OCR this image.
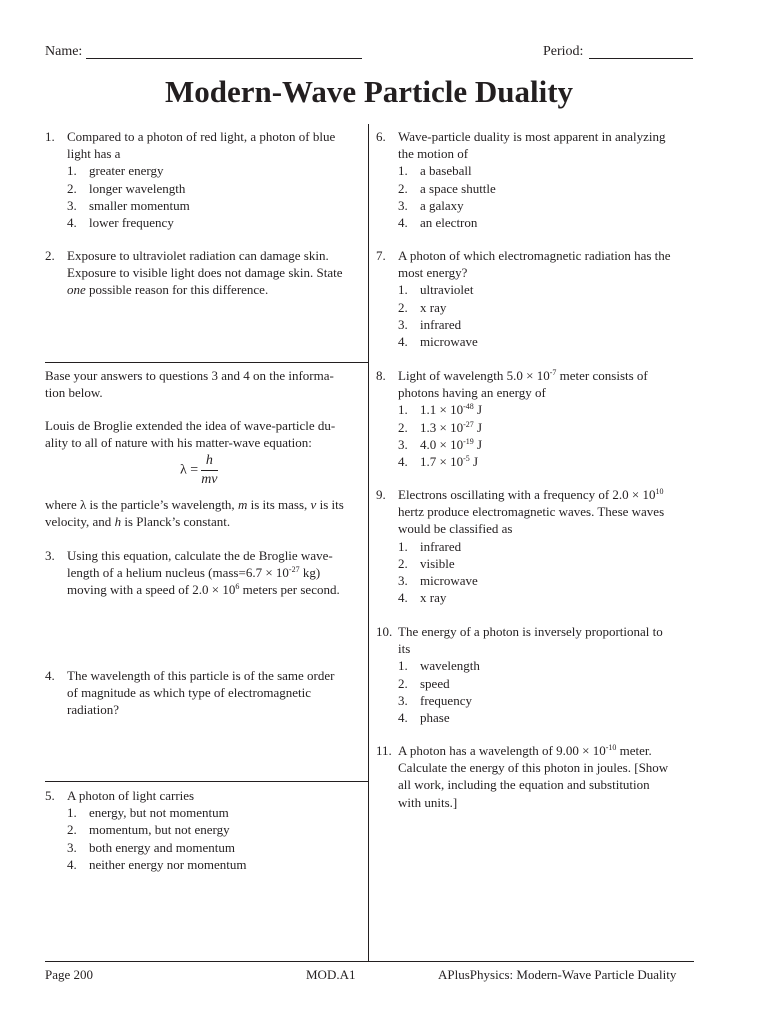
Name:	Period:
Modern-Wave Particle Duality
1. Compared to a photon of red light, a photon of blue
light has a
1. greater energy
2. longer wavelength
3. smaller momentum
4. lower frequency
2. Exposure to ultraviolet radiation can damage skin.
Exposure to visible light does not damage skin. State
one possible reason for this difference.
Base your answers to questions 3 and 4 on the informa-
tion below.
Louis de Broglie extended the idea of wave-particle du-
ality to all of nature with his matter-wave equation:
where λ is the particle’s wavelength, m is its mass, v is its
velocity, and h is Planck’s constant.
3. Using this equation, calculate the de Broglie wave-
length of a helium nucleus (mass=6.7 × $10^{-27}$ kg)
moving with a speed of $2.0 \times 10^6$ meters per second.
4. The wavelength of this particle is of the same order
of magnitude as which type of electromagnetic
radiation?
5. A photon of light carries
1. energy, but not momentum
2. momentum, but not energy
3. both energy and momentum
4. neither energy nor momentum
$\lambda = \frac{h}{mv}$
6. Wave-particle duality is most apparent in analyzing
the motion of
1. a baseball
2. a space shuttle
3. a galaxy
4. an electron
7. A photon of which electromagnetic radiation has the
most energy?
1. ultraviolet
2. x ray
3. infrared
4. microwave
8. Light of wavelength $5.0 \times 10^{-7}$ meter consists of
photons having an energy of
1. $1.1 \times 10^{-48}$ J
2. $1.3 \times 10^{-27}$ J
3. $4.0 \times 10^{-19}$ J
4. $1.7 \times 10^{-5}$ J
9. Electrons oscillating with a frequency of $2.0 \times 10^{10}$
hertz produce electromagnetic waves. These waves
would be classified as
1. infrared
2. visible
3. microwave
4. x ray
10. The energy of a photon is inversely proportional to
its
1. wavelength
2. speed
3. frequency
4. phase
11. A photon has a wavelength of $9.00 \times 10^{-10}$ meter.
Calculate the energy of this photon in joules. [Show
all work, including the equation and substitution
with units.]
Page 200	MOD.A1	APlusPhysics: Modern-Wave Particle Duality
